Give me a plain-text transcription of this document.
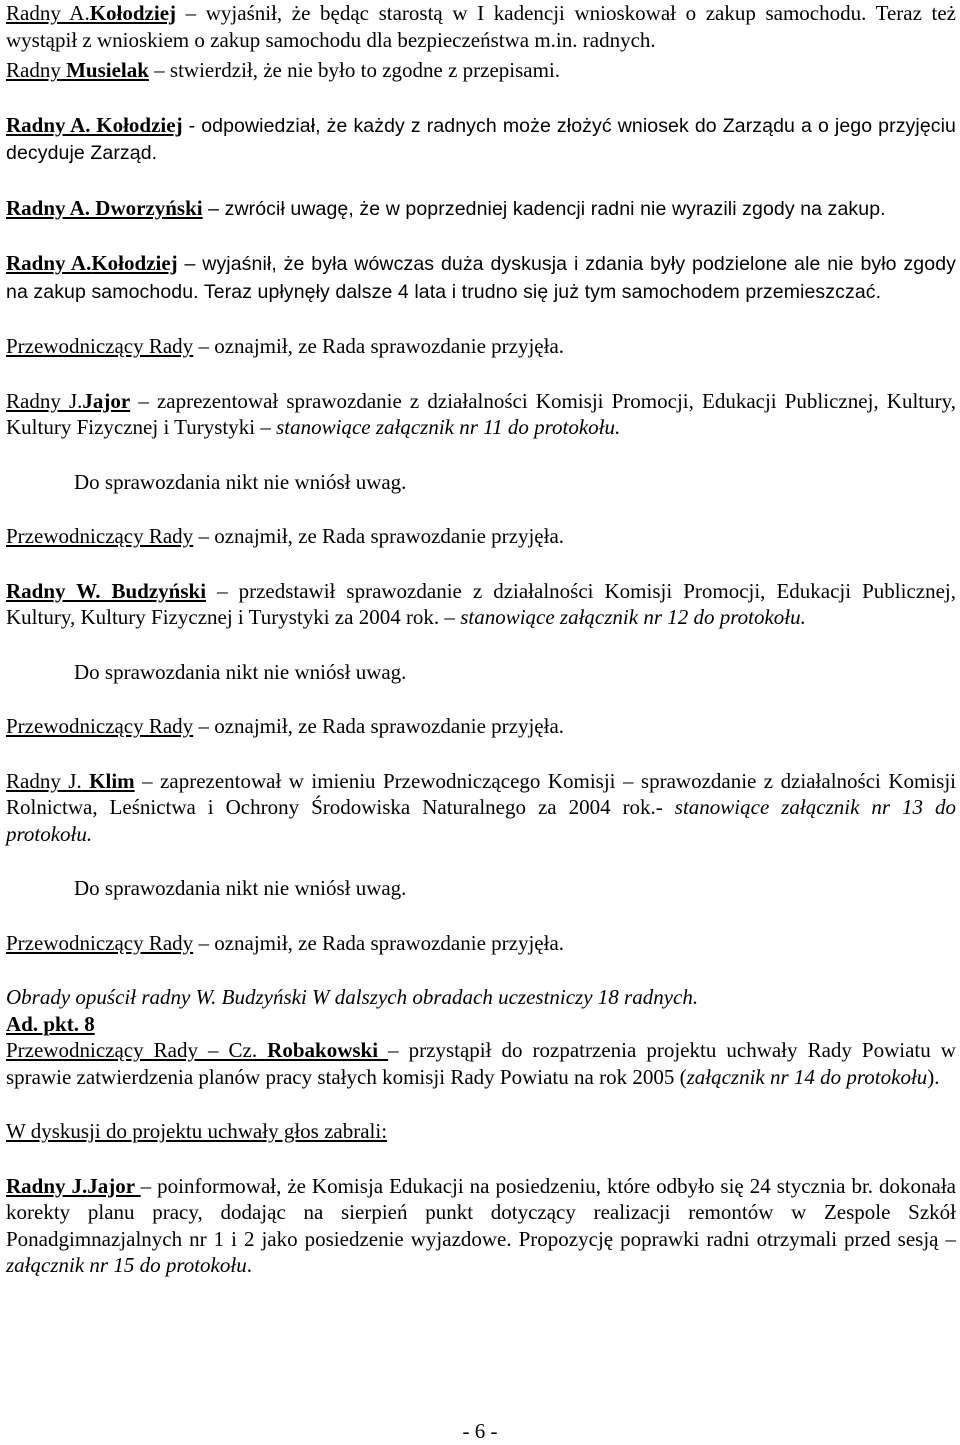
Radny A.Kołodziej – wyjaśnił, że będąc starostą w I kadencji wnioskował o zakup samochodu. Teraz też wystąpił z wnioskiem o zakup samochodu dla bezpieczeństwa m.in. radnych.

Radny Musielak – stwierdził, że nie było to zgodne z przepisami.

Radny A. Kołodziej - odpowiedział, że każdy z radnych może złożyć wniosek do Zarządu a o jego przyjęciu decyduje Zarząd.

Radny A. Dworzyński – zwrócił uwagę, że w poprzedniej kadencji radni nie wyrazili zgody na zakup.

Radny A.Kołodziej – wyjaśnił, że była wówczas duża dyskusja i zdania były podzielone ale nie było zgody na zakup samochodu. Teraz upłynęły dalsze 4 lata i trudno się już tym samochodem przemieszczać.

Przewodniczący Rady – oznajmił, ze Rada sprawozdanie przyjęła.

Radny J.Jajor – zaprezentował sprawozdanie z działalności Komisji Promocji, Edukacji Publicznej, Kultury, Kultury Fizycznej i Turystyki – stanowiące załącznik nr 11 do protokołu.

Do sprawozdania nikt nie wniósł uwag.

Przewodniczący Rady – oznajmił, ze Rada sprawozdanie przyjęła.

Radny W. Budzyński – przedstawił sprawozdanie z działalności Komisji Promocji, Edukacji Publicznej, Kultury, Kultury Fizycznej i Turystyki za 2004 rok. – stanowiące załącznik nr 12 do protokołu.

Do sprawozdania nikt nie wniósł uwag.

Przewodniczący Rady – oznajmił, ze Rada sprawozdanie przyjęła.

Radny J. Klim – zaprezentował w imieniu Przewodniczącego Komisji – sprawozdanie z działalności Komisji Rolnictwa, Leśnictwa i Ochrony Środowiska Naturalnego za 2004 rok.- stanowiące załącznik nr 13 do protokołu.

Do sprawozdania nikt nie wniósł uwag.

Przewodniczący Rady – oznajmił, ze Rada sprawozdanie przyjęła.

Obrady opuścił radny W. Budzyński W dalszych obradach uczestniczy 18 radnych.

Ad. pkt. 8

Przewodniczący Rady – Cz. Robakowski – przystąpił do rozpatrzenia projektu uchwały Rady Powiatu w sprawie zatwierdzenia planów pracy stałych komisji Rady Powiatu na rok 2005 (załącznik nr 14 do protokołu).

W dyskusji do projektu uchwały głos zabrali:

Radny J.Jajor – poinformował, że Komisja Edukacji na posiedzeniu, które odbyło się 24 stycznia br. dokonała korekty planu pracy, dodając na sierpień punkt dotyczący realizacji remontów w Zespole Szkół Ponadgimnazjalnych nr 1 i 2 jako posiedzenie wyjazdowe. Propozycję poprawki radni otrzymali przed sesją – załącznik nr 15 do protokołu.

- 6 -
